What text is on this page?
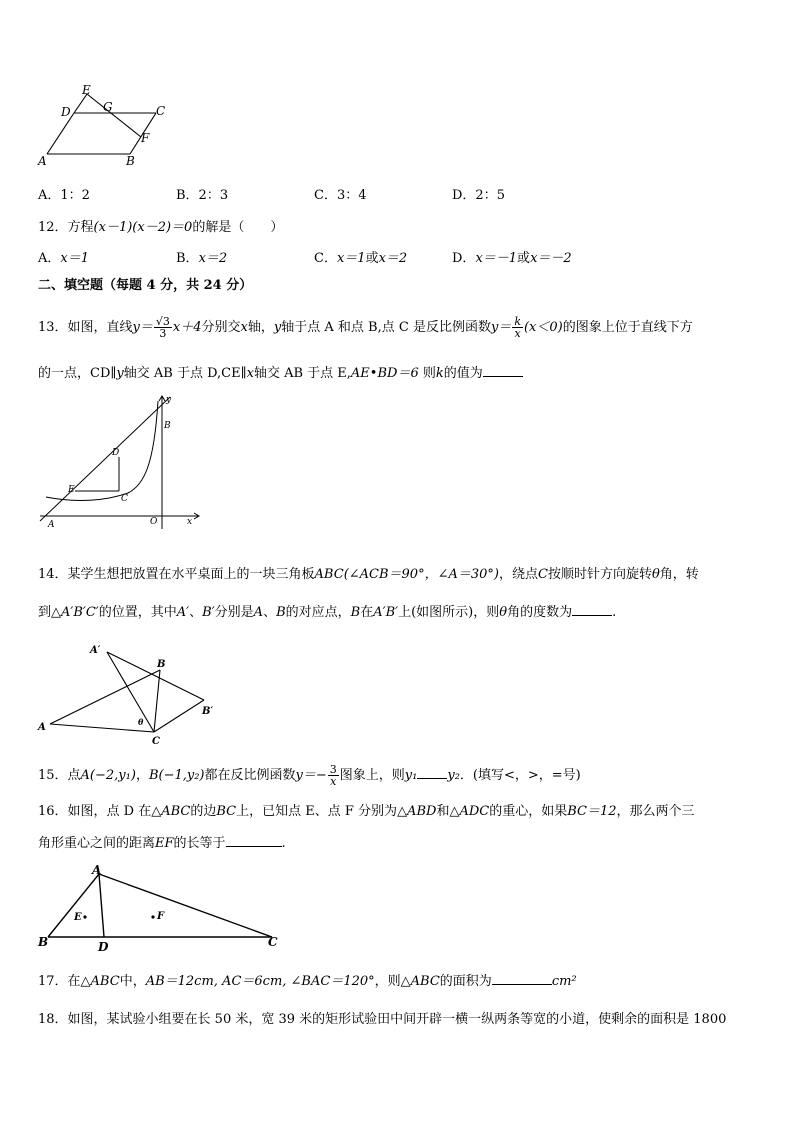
E
G
D	C
F
A	B
A．1：2	B．2：3	C．3：4	D．2：5
12．方程(x－1)(x－2)＝0的解是（　　）
A．x＝1	B．x＝2	C．x＝1或x＝2	D．x＝－1或x＝－2
二、填空题（每题 4 分，共 24 分）
13．如图，直线$y= \frac{√3}{3} x+4$分别交x轴，y轴于点 A 和点 B,点 C 是反比例函数$y= \frac{k}{x} (x<0)$的图象上位于直线下方
的一点，CD∥y轴交 AB 于点 D,CE∥x轴交 AB 于点 E,AE•BD＝6 则k的值为
y
B
D
E
C
A	O	x
14．某学生想把放置在水平桌面上的一块三角板ABC(∠ACB＝90°，∠A＝30°)，绕点C按顺时针方向旋转θ角，转
到△A′B′C′的位置，其中A′、B′分别是A、B的对应点，B在A′B′上(如图所示)，则θ角的度数为	.
A′
B
B′
A	θ
C
15．点A(−2,y₁)，B(−1,y₂)都在反比例函数$y=- \frac{3}{x}$ 图象上，则y₁ y₂．(填写<，>，=号)
16．如图，点 D 在△ABC的边BC上，已知点 E、点 F 分别为△ABD和△ADC的重心，如果BC＝12，那么两个三
角形重心之间的距离EF的长等于	.
A
E	F
B	D	C
17．在△ABC中，AB＝12cm, AC＝6cm, ∠BAC＝120°，则△ABC的面积为	cm²
18．如图，某试验小组要在长 50 米，宽 39 米的矩形试验田中间开辟一横一纵两条等宽的小道，使剩余的面积是 1800
